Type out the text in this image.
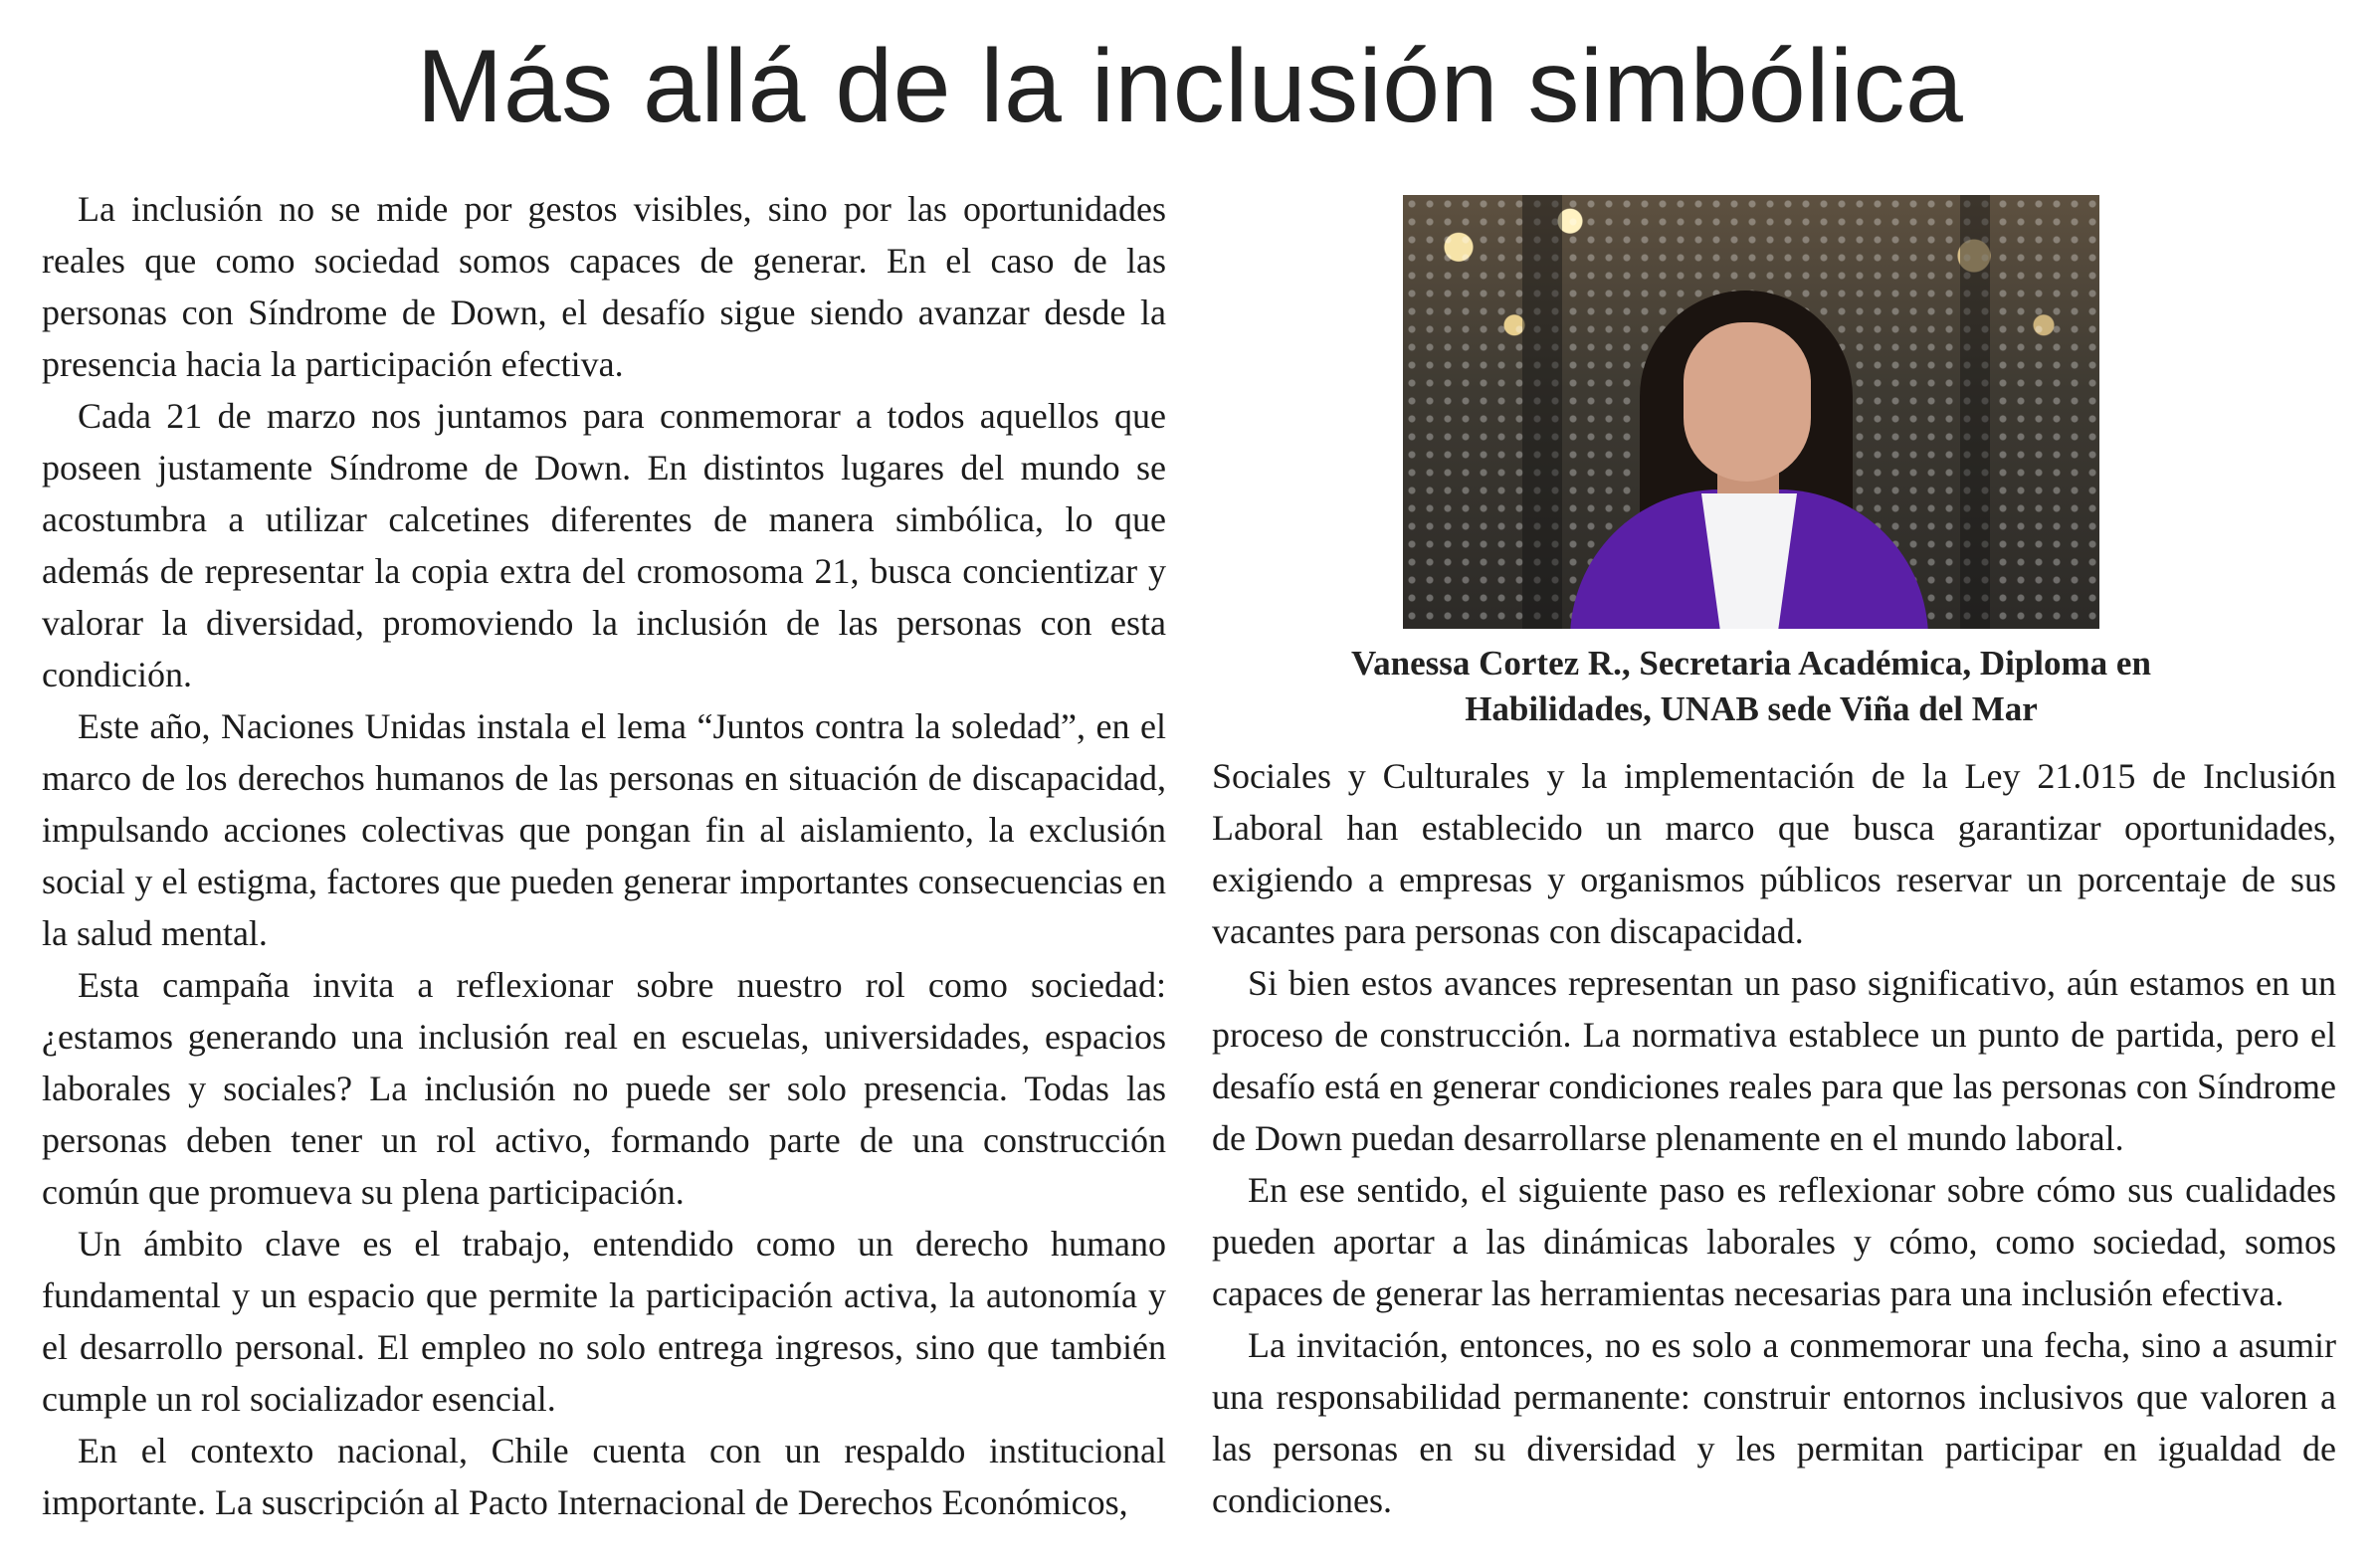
Más allá de la inclusión simbólica

La inclusión no se mide por gestos visibles, sino por las oportunidades reales que como sociedad somos capaces de generar. En el caso de las personas con Síndrome de Down, el desafío sigue siendo avanzar desde la presencia hacia la participación efectiva.

Cada 21 de marzo nos juntamos para conmemorar a todos aquellos que poseen justamente Síndrome de Down. En distintos lugares del mundo se acostumbra a utilizar calcetines diferentes de manera simbólica, lo que además de representar la copia extra del cromosoma 21, busca concientizar y valorar la diversidad, promoviendo la inclusión de las personas con esta condición.

Este año, Naciones Unidas instala el lema “Juntos contra la soledad”, en el marco de los derechos humanos de las personas en situación de discapacidad, impulsando acciones colectivas que pongan fin al aislamiento, la exclusión social y el estigma, factores que pueden generar importantes consecuencias en la salud mental.

Esta campaña invita a reflexionar sobre nuestro rol como sociedad: ¿estamos generando una inclusión real en escuelas, universidades, espacios laborales y sociales? La inclusión no puede ser solo presencia. Todas las personas deben tener un rol activo, formando parte de una construcción común que promueva su plena participación.

Un ámbito clave es el trabajo, entendido como un derecho humano fundamental y un espacio que permite la participación activa, la autonomía y el desarrollo personal. El empleo no solo entrega ingresos, sino que también cumple un rol socializador esencial.

En el contexto nacional, Chile cuenta con un respaldo institucional importante. La suscripción al Pacto Internacional de Derechos Económicos,

Vanessa Cortez R., Secretaria Académica, Diploma en
Habilidades, UNAB sede Viña del Mar

Sociales y Culturales y la implementación de la Ley 21.015 de Inclusión Laboral han establecido un marco que busca garantizar oportunidades, exigiendo a empresas y organismos públicos reservar un porcentaje de sus vacantes para personas con discapacidad.

Si bien estos avances representan un paso significativo, aún estamos en un proceso de construcción. La normativa establece un punto de partida, pero el desafío está en generar condiciones reales para que las personas con Síndrome de Down puedan desarrollarse plenamente en el mundo laboral.

En ese sentido, el siguiente paso es reflexionar sobre cómo sus cualidades pueden aportar a las dinámicas laborales y cómo, como sociedad, somos capaces de generar las herramientas necesarias para una inclusión efectiva.

La invitación, entonces, no es solo a conmemorar una fecha, sino a asumir una responsabilidad permanente: construir entornos inclusivos que valoren a las personas en su diversidad y les permitan participar en igualdad de condiciones.
